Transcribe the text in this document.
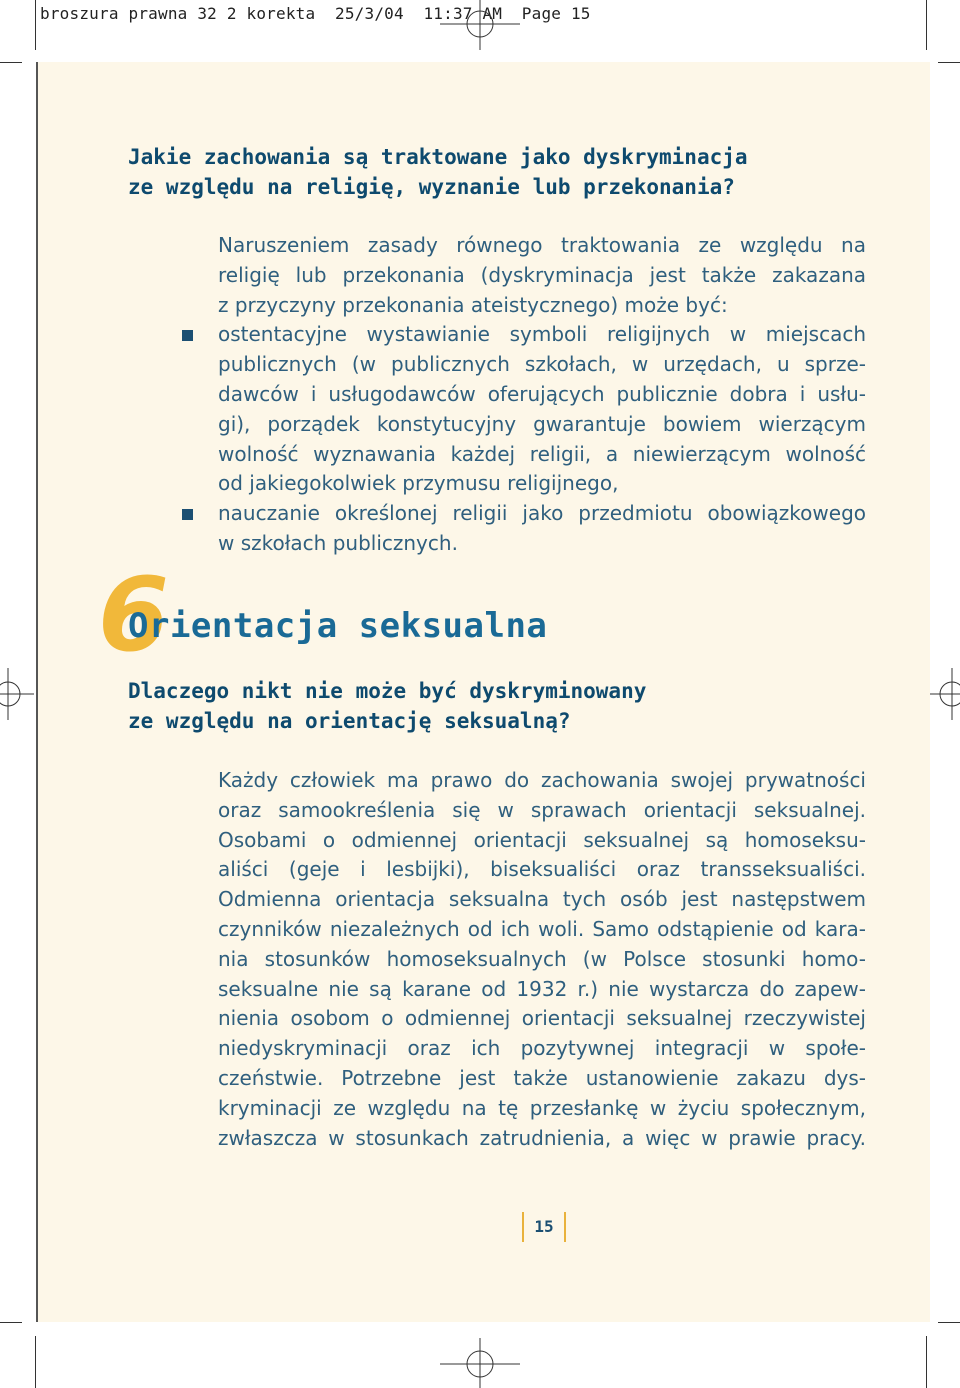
broszura prawna 32 2 korekta  25/3/04  11:37 AM  Page 15
Jakie zachowania są traktowane jako dyskryminacja
ze względu na religię, wyznanie lub przekonania?
Naruszeniem zasady równego traktowania ze względu na
religię lub przekonania (dyskryminacja jest także zakazana
z przyczyny przekonania ateistycznego) może być:
ostentacyjne wystawianie symboli religijnych w miejscach
publicznych (w publicznych szkołach, w urzędach, u sprze-
dawców i usługodawców oferujących publicznie dobra i usłu-
gi), porządek konstytucyjny gwarantuje bowiem wierzącym
wolność wyznawania każdej religii, a niewierzącym wolność
od jakiegokolwiek przymusu religijnego,
nauczanie określonej religii jako przedmiotu obowiązkowego
w szkołach publicznych.
6
Orientacja seksualna
Dlaczego nikt nie może być dyskryminowany
ze względu na orientację seksualną?
Każdy człowiek ma prawo do zachowania swojej prywatności
oraz samookreślenia się w sprawach orientacji seksualnej.
Osobami o odmiennej orientacji seksualnej są homoseksu-
aliści (geje i lesbijki), biseksualiści oraz transseksualiści.
Odmienna orientacja seksualna tych osób jest następstwem
czynników niezależnych od ich woli. Samo odstąpienie od kara-
nia stosunków homoseksualnych (w Polsce stosunki homo-
seksualne nie są karane od 1932 r.) nie wystarcza do zapew-
nienia osobom o odmiennej orientacji seksualnej rzeczywistej
niedyskryminacji oraz ich pozytywnej integracji w społe-
czeństwie. Potrzebne jest także ustanowienie zakazu dys-
kryminacji ze względu na tę przesłankę w życiu społecznym,
zwłaszcza w stosunkach zatrudnienia, a więc w prawie pracy.
15
